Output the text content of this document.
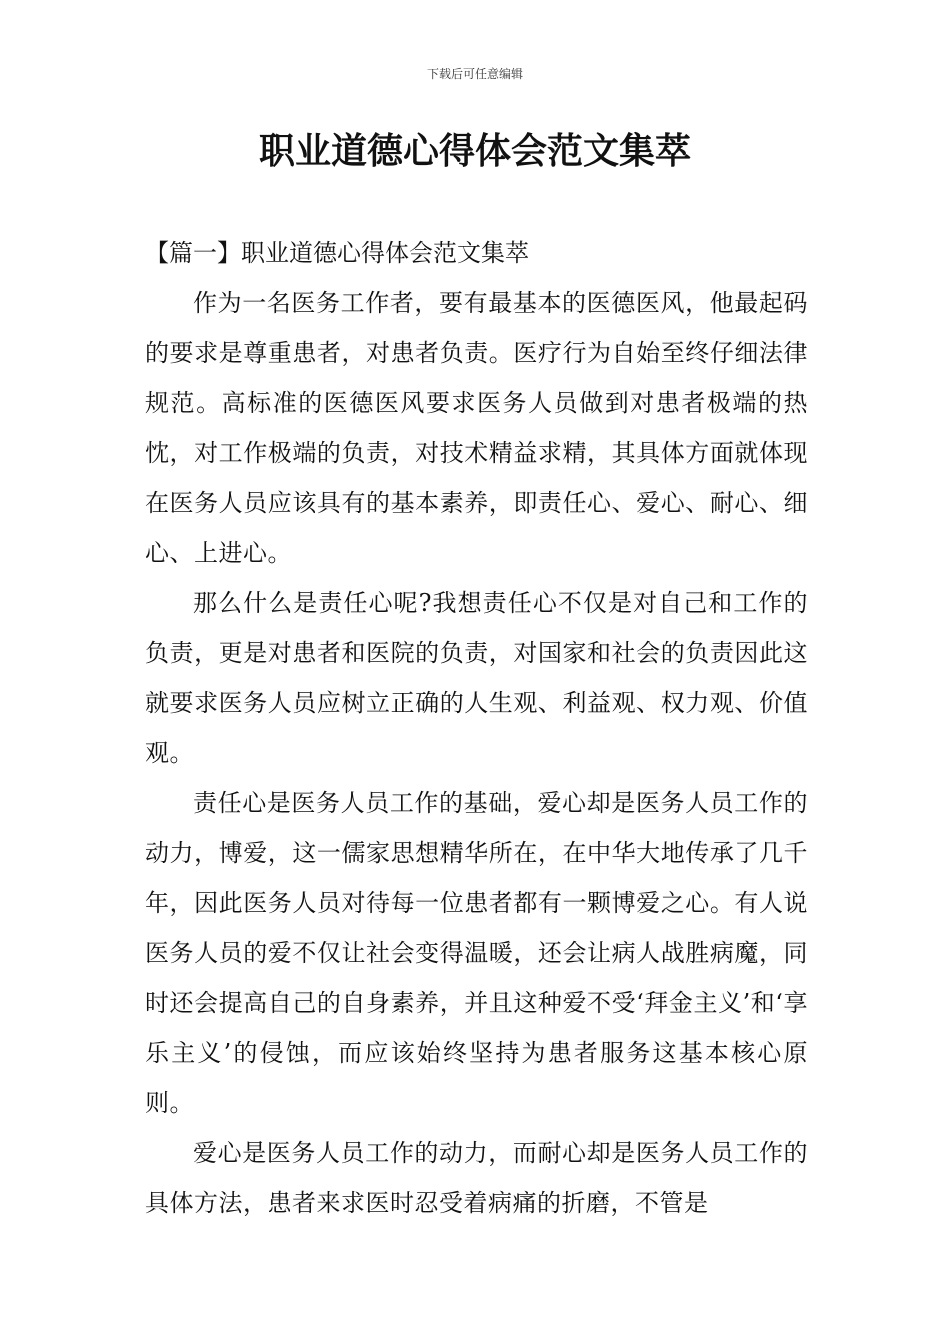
下载后可任意编辑
职业道德心得体会范文集萃

【篇一】职业道德心得体会范文集萃

作为一名医务工作者，要有最基本的医德医风，他最起码的要求是尊重患者，对患者负责。医疗行为自始至终仔细法律规范。高标准的医德医风要求医务人员做到对患者极端的热忱，对工作极端的负责，对技术精益求精，其具体方面就体现在医务人员应该具有的基本素养，即责任心、爱心、耐心、细心、上进心。

那么什么是责任心呢?我想责任心不仅是对自己和工作的负责，更是对患者和医院的负责，对国家和社会的负责因此这就要求医务人员应树立正确的人生观、利益观、权力观、价值观。

责任心是医务人员工作的基础，爱心却是医务人员工作的动力，博爱，这一儒家思想精华所在，在中华大地传承了几千年，因此医务人员对待每一位患者都有一颗博爱之心。有人说医务人员的爱不仅让社会变得温暖，还会让病人战胜病魔，同时还会提高自己的自身素养，并且这种爱不受‘拜金主义’和‘享乐主义’的侵蚀，而应该始终坚持为患者服务这基本核心原则。

爱心是医务人员工作的动力，而耐心却是医务人员工作的具体方法，患者来求医时忍受着病痛的折磨，不管是
